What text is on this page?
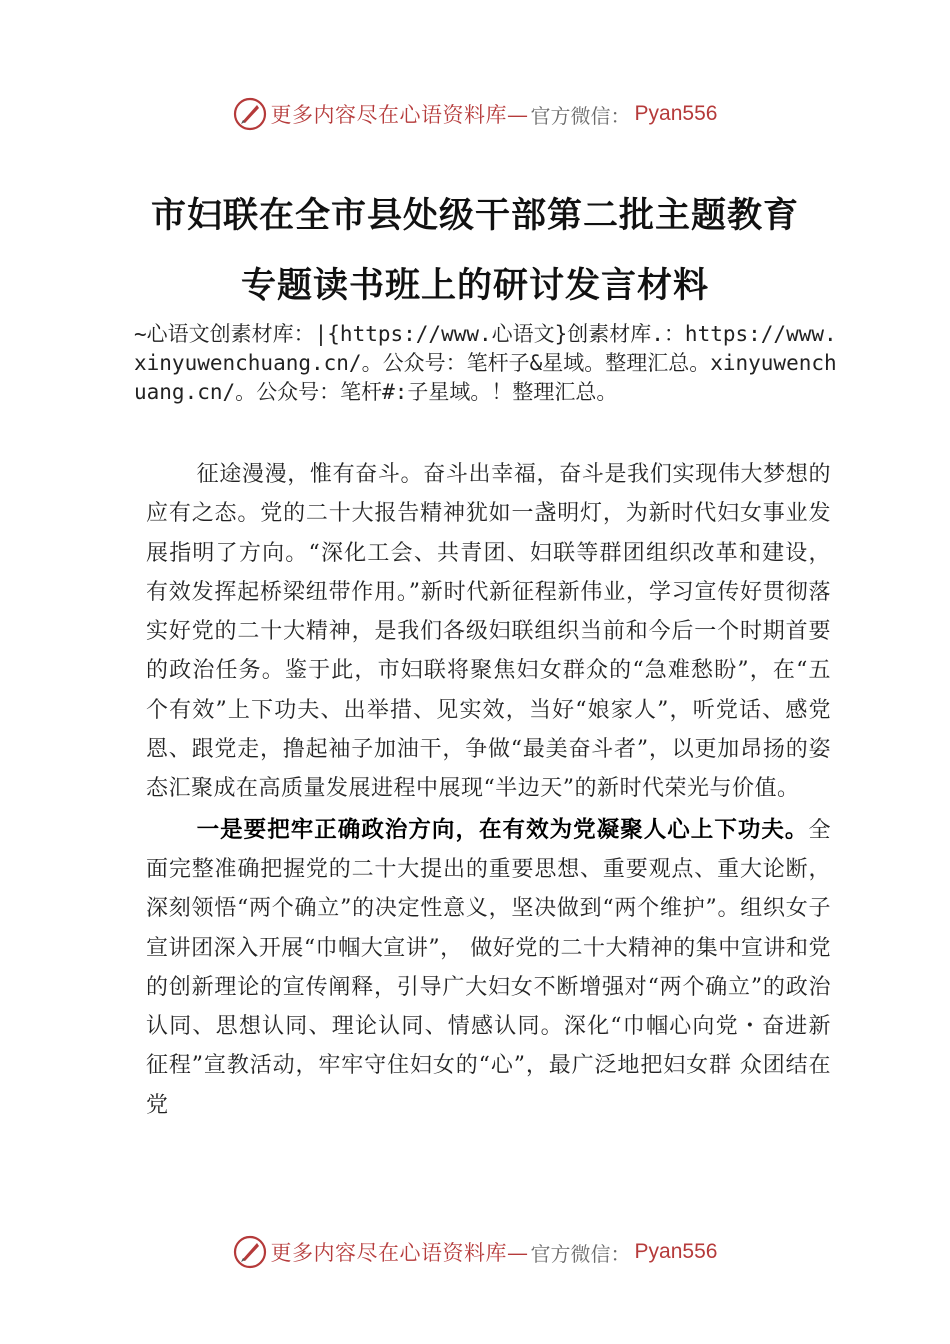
更多内容尽在心语资料库— 官方微信： Pyan556
市妇联在全市县处级干部第二批主题教育
专题读书班上的研讨发言材料
~心语文创素材库：|{https://www.心语文}创素材库.：https://www.xinyuwenchuang.cn/。公众号：笔杆子&星域。整理汇总。xinyuwenchuang.cn/。公众号：笔杆#:子星域。！整理汇总。

征途漫漫，惟有奋斗。奋斗出幸福，奋斗是我们实现伟大梦想的应有之态。党的二十大报告精神犹如一盏明灯，为新时代妇女事业发展指明了方向。“深化工会、共青团、妇联等群团组织改革和建设，有效发挥起桥梁纽带作用。”新时代新征程新伟业，学习宣传好贯彻落实好党的二十大精神，是我们各级妇联组织当前和今后一个时期首要的政治任务。鉴于此，市妇联将聚焦妇女群众的“急难愁盼”，在“五个有效”上下功夫、出举措、见实效，当好“娘家人”，听党话、感党恩、跟党走，撸起袖子加油干，争做“最美奋斗者”，以更加昂扬的姿态汇聚成在高质量发展进程中展现“半边天”的新时代荣光与价值。

一是要把牢正确政治方向，在有效为党凝聚人心上下功夫。全面完整准确把握党的二十大提出的重要思想、重要观点、重大论断，深刻领悟“两个确立”的决定性意义，坚决做到“两个维护”。组织女子宣讲团深入开展“巾帼大宣讲”， 做好党的二十大精神的集中宣讲和党的创新理论的宣传阐释，引导广大妇女不断增强对“两个确立”的政治认同、思想认同、理论认同、情感认同。深化“巾帼心向党・奋进新 征程”宣教活动，牢牢守住妇女的“心”，最广泛地把妇女群 众团结在党

更多内容尽在心语资料库— 官方微信： Pyan556
